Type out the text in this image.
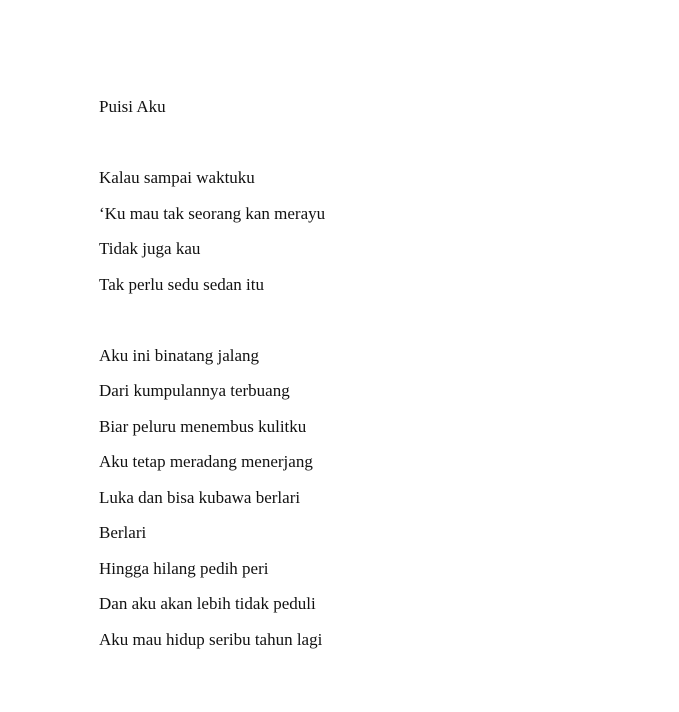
Puisi Aku
Kalau sampai waktuku
‘Ku mau tak seorang kan merayu
Tidak juga kau
Tak perlu sedu sedan itu
Aku ini binatang jalang
Dari kumpulannya terbuang
Biar peluru menembus kulitku
Aku tetap meradang menerjang
Luka dan bisa kubawa berlari
Berlari
Hingga hilang pedih peri
Dan aku akan lebih tidak peduli
Aku mau hidup seribu tahun lagi
